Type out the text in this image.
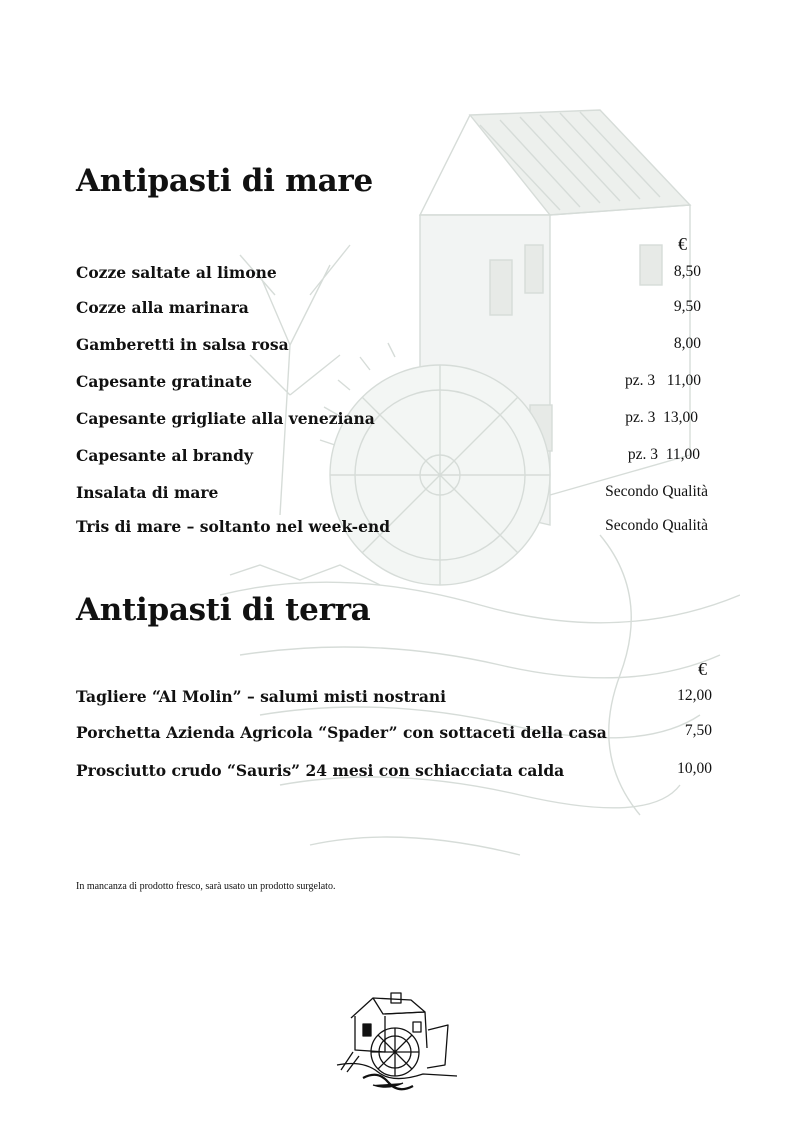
Antipasti di mare
€
Cozze saltate al limone	8,50
Cozze alla marinara	9,50
Gamberetti in salsa rosa	8,00
Capesante gratinate	pz. 3   11,00
Capesante grigliate alla veneziana	pz. 3  13,00
Capesante al brandy	pz. 3  11,00
Insalata di mare	Secondo Qualità
Tris di mare – soltanto nel week-end	Secondo Qualità
Antipasti di terra
€
Tagliere “Al Molin” – salumi misti nostrani	12,00
Porchetta Azienda Agricola “Spader” con sottaceti della casa	7,50
Prosciutto crudo “Sauris” 24 mesi con schiacciata calda	10,00
In mancanza di prodotto fresco, sarà usato un prodotto surgelato.
